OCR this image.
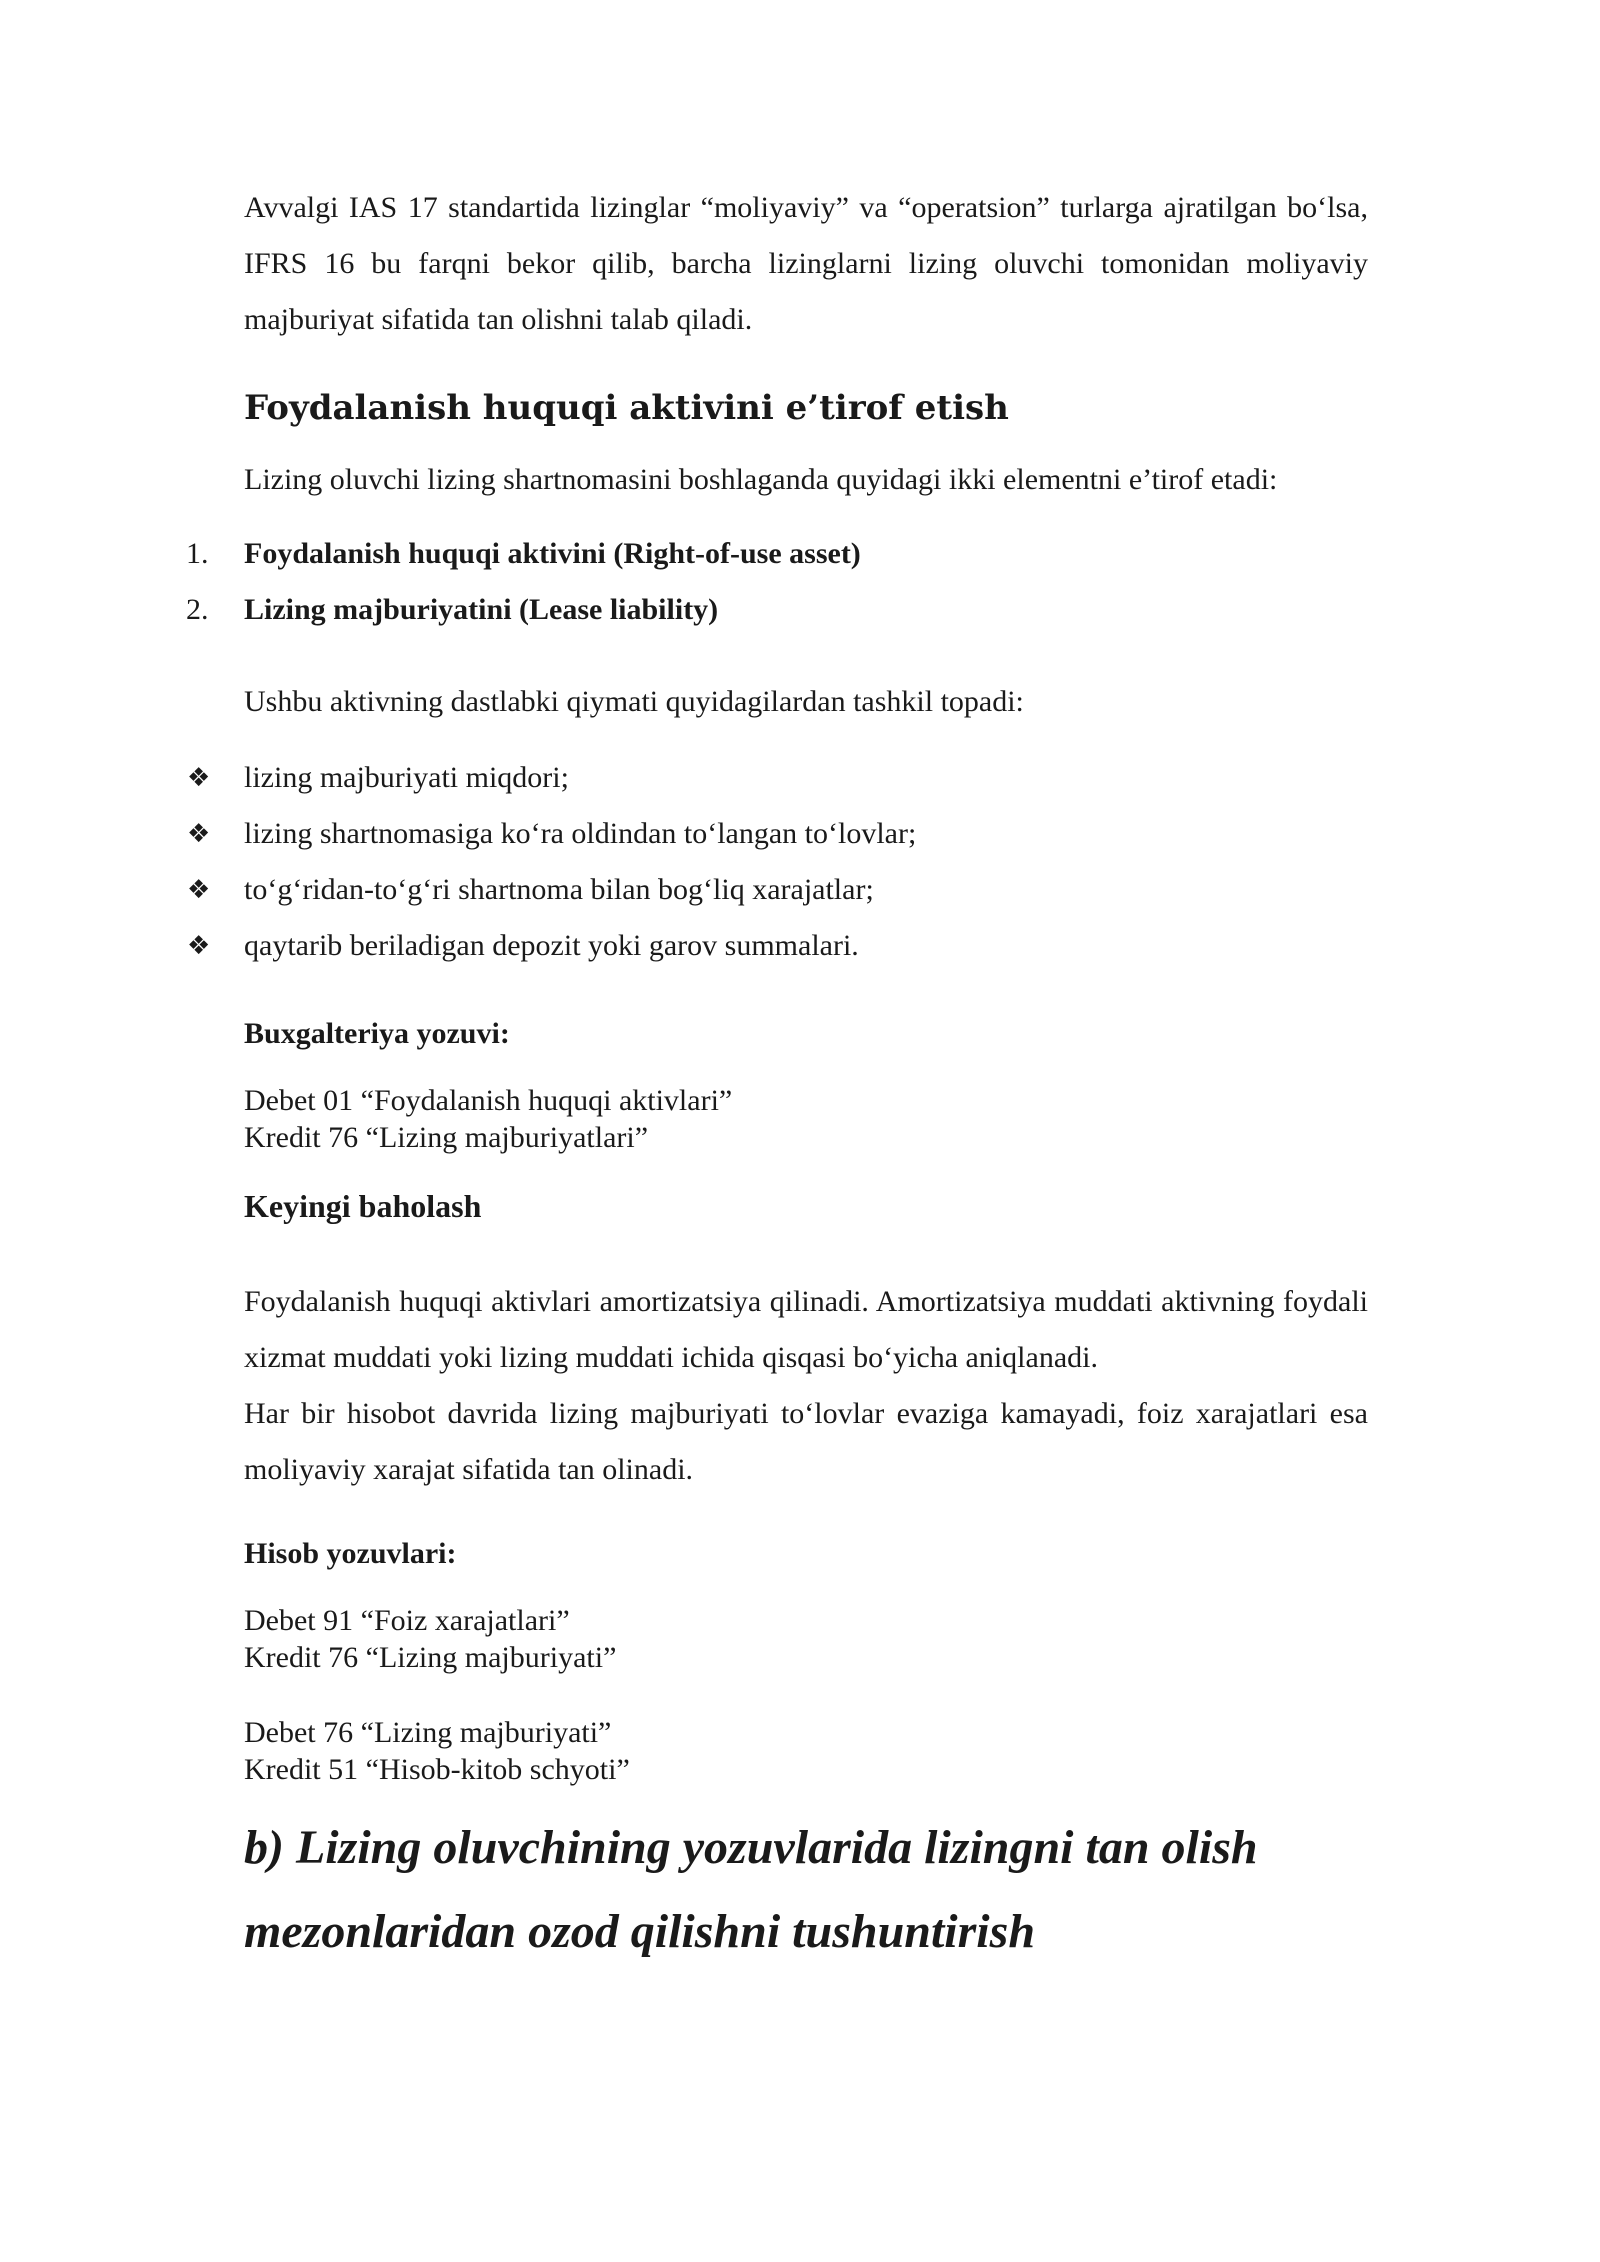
Avvalgi IAS 17 standartida lizinglar “moliyaviy” va “operatsion” turlarga ajratilgan bo‘lsa, IFRS 16 bu farqni bekor qilib, barcha lizinglarni lizing oluvchi tomonidan moliyaviy majburiyat sifatida tan olishni talab qiladi.

Foydalanish huquqi aktivini e’tirof etish

Lizing oluvchi lizing shartnomasini boshlaganda quyidagi ikki elementni e’tirof etadi:

1.	Foydalanish huquqi aktivini (Right-of-use asset)
2.	Lizing majburiyatini (Lease liability)

Ushbu aktivning dastlabki qiymati quyidagilardan tashkil topadi:

❖ lizing majburiyati miqdori;
❖ lizing shartnomasiga ko‘ra oldindan to‘langan to‘lovlar;
❖ to‘g‘ridan-to‘g‘ri shartnoma bilan bog‘liq xarajatlar;
❖ qaytarib beriladigan depozit yoki garov summalari.

Buxgalteriya yozuvi:

Debet 01 “Foydalanish huquqi aktivlari”

Kredit 76 “Lizing majburiyatlari”

Keyingi baholash

Foydalanish huquqi aktivlari amortizatsiya qilinadi. Amortizatsiya muddati aktivning foydali xizmat muddati yoki lizing muddati ichida qisqasi bo‘yicha aniqlanadi.

Har bir hisobot davrida lizing majburiyati to‘lovlar evaziga kamayadi, foiz xarajatlari esa moliyaviy xarajat sifatida tan olinadi.

Hisob yozuvlari:

Debet 91 “Foiz xarajatlari”

Kredit 76 “Lizing majburiyati”

Debet 76 “Lizing majburiyati”

Kredit 51 “Hisob-kitob schyoti”

b) Lizing oluvchining yozuvlarida lizingni tan olish mezonlaridan ozod qilishni tushuntirish
